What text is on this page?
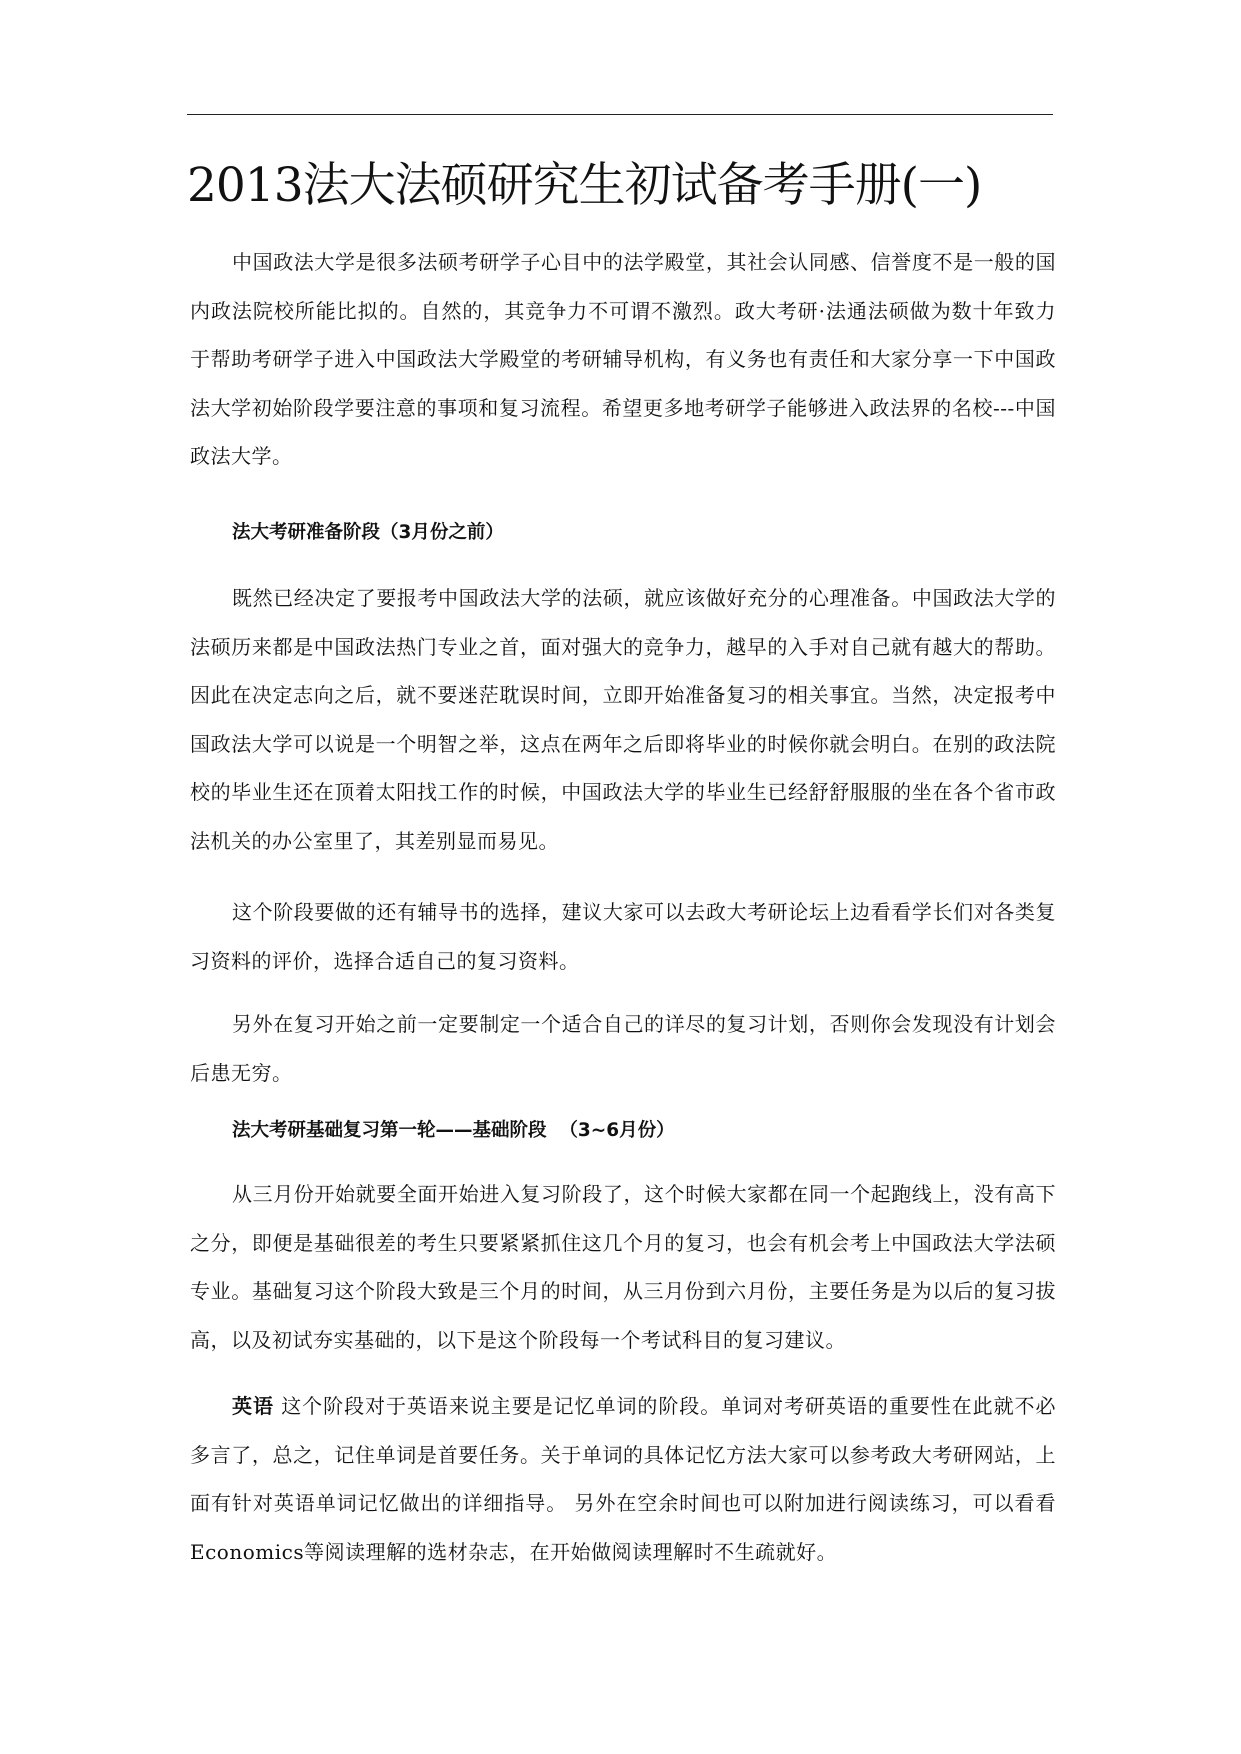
2013法大法硕研究生初试备考手册(一)

中国政法大学是很多法硕考研学子心目中的法学殿堂，其社会认同感、信誉度不是一般的国内政法院校所能比拟的。自然的，其竞争力不可谓不激烈。政大考研·法通法硕做为数十年致力于帮助考研学子进入中国政法大学殿堂的考研辅导机构，有义务也有责任和大家分享一下中国政法大学初始阶段学要注意的事项和复习流程。希望更多地考研学子能够进入政法界的名校---中国政法大学。

法大考研准备阶段（3月份之前）

既然已经决定了要报考中国政法大学的法硕，就应该做好充分的心理准备。中国政法大学的法硕历来都是中国政法热门专业之首，面对强大的竞争力，越早的入手对自己就有越大的帮助。因此在决定志向之后，就不要迷茫耽误时间，立即开始准备复习的相关事宜。当然，决定报考中国政法大学可以说是一个明智之举，这点在两年之后即将毕业的时候你就会明白。在别的政法院校的毕业生还在顶着太阳找工作的时候，中国政法大学的毕业生已经舒舒服服的坐在各个省市政法机关的办公室里了，其差别显而易见。

这个阶段要做的还有辅导书的选择，建议大家可以去政大考研论坛上边看看学长们对各类复习资料的评价，选择合适自己的复习资料。

另外在复习开始之前一定要制定一个适合自己的详尽的复习计划，否则你会发现没有计划会后患无穷。

法大考研基础复习第一轮——基础阶段  （3~6月份）

从三月份开始就要全面开始进入复习阶段了，这个时候大家都在同一个起跑线上，没有高下之分，即便是基础很差的考生只要紧紧抓住这几个月的复习，也会有机会考上中国政法大学法硕专业。基础复习这个阶段大致是三个月的时间，从三月份到六月份，主要任务是为以后的复习拔高，以及初试夯实基础的，以下是这个阶段每一个考试科目的复习建议。

英语 这个阶段对于英语来说主要是记忆单词的阶段。单词对考研英语的重要性在此就不必多言了，总之，记住单词是首要任务。关于单词的具体记忆方法大家可以参考政大考研网站，上面有针对英语单词记忆做出的详细指导。 另外在空余时间也可以附加进行阅读练习，可以看看Economics等阅读理解的选材杂志，在开始做阅读理解时不生疏就好。
